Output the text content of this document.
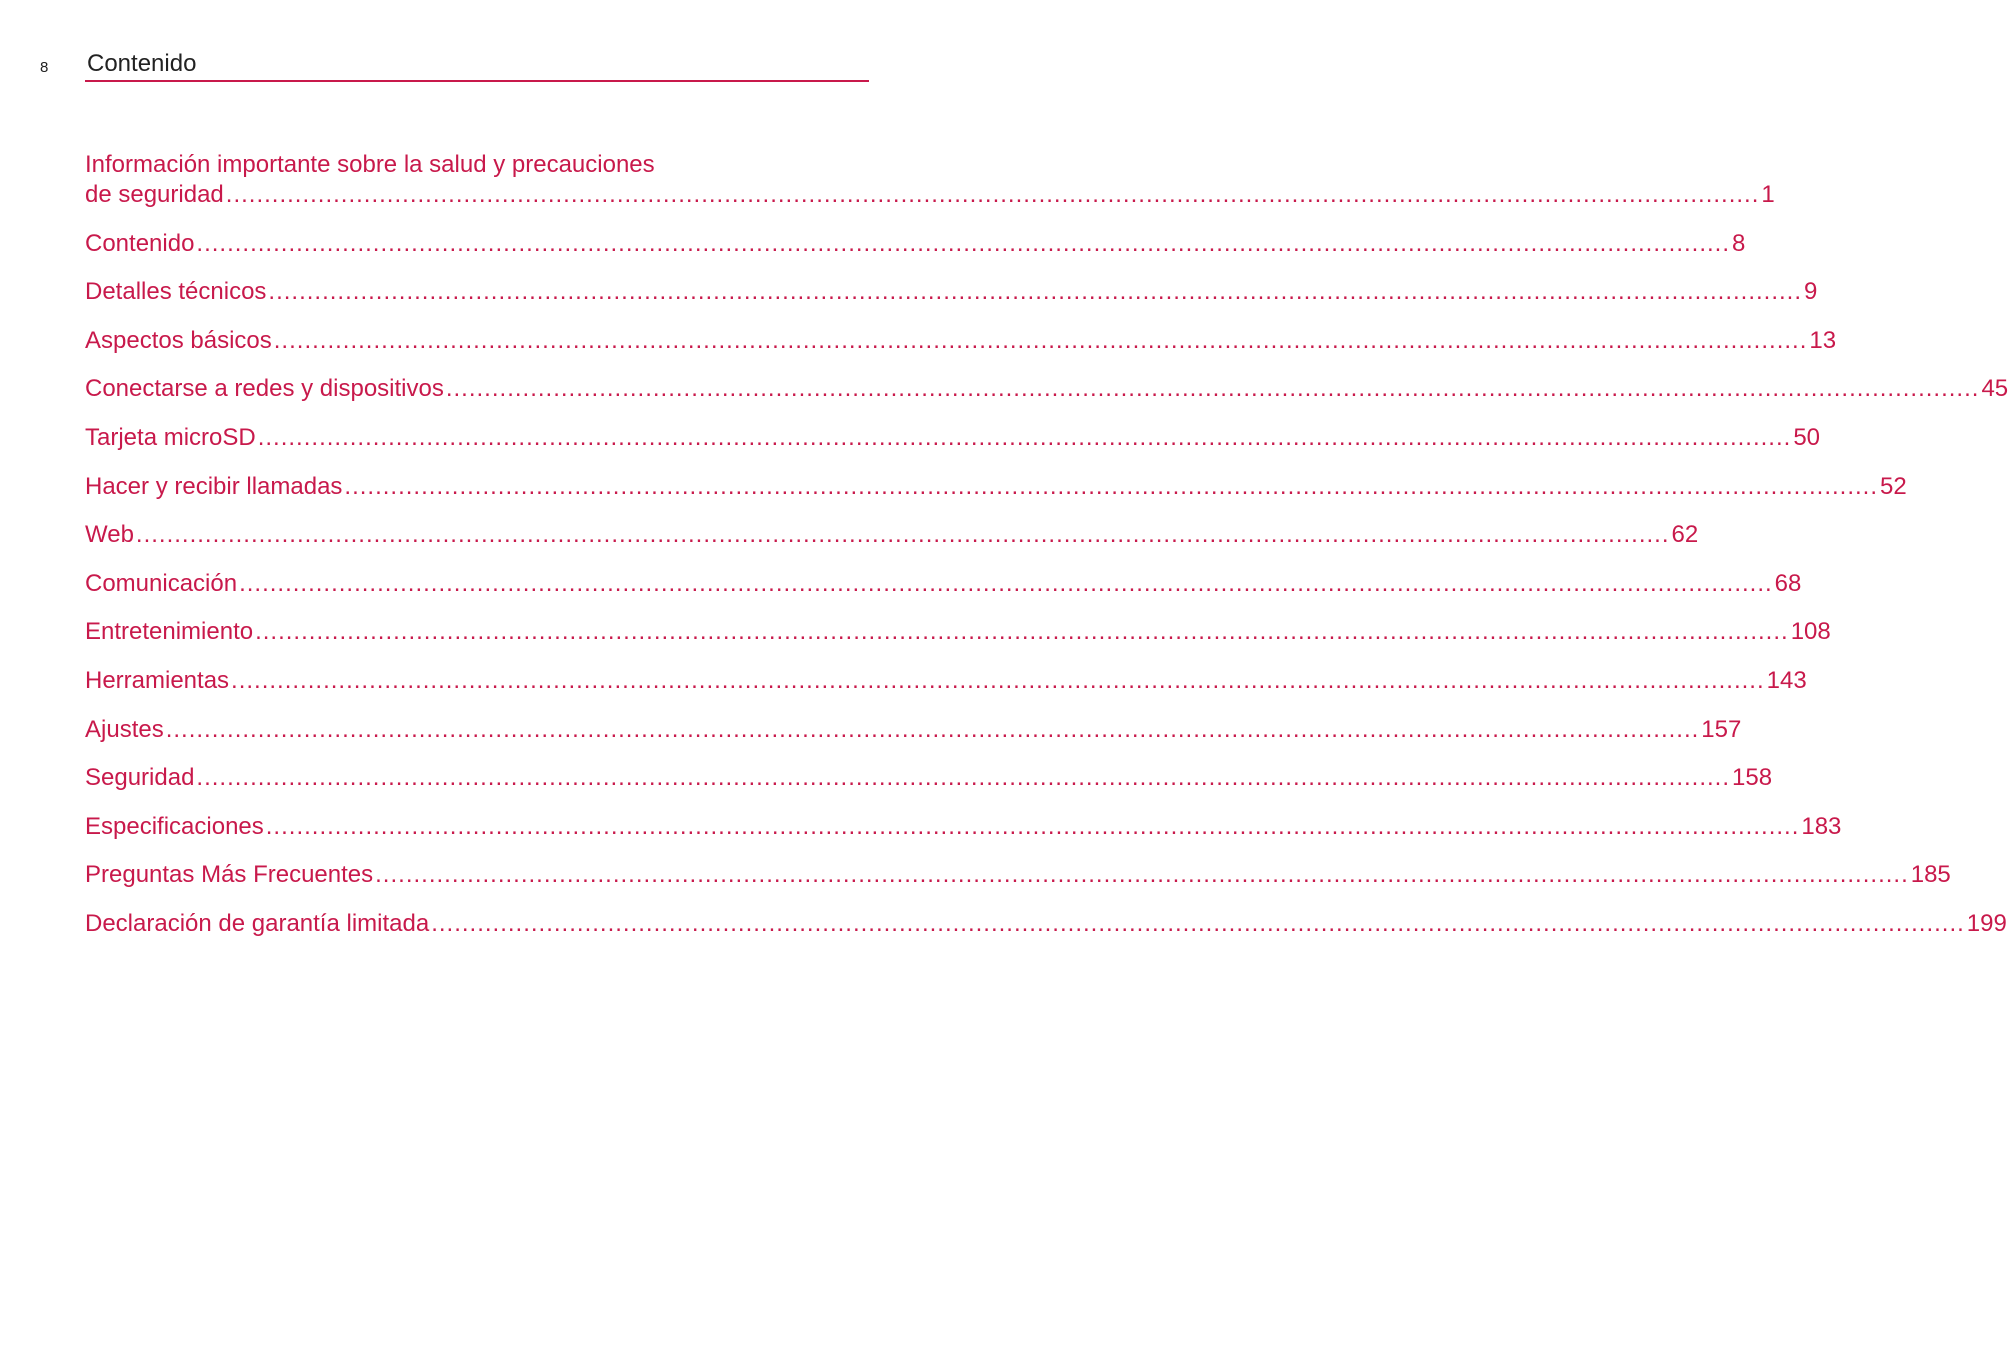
8 Contenido
Información importante sobre la salud y precauciones
de seguridad ........................................................................................................................................................................................................ 1
Contenido ........................................................................................................................................................................................................ 8
Detalles técnicos ........................................................................................................................................................................................................ 9
Aspectos básicos ........................................................................................................................................................................................................ 13
Conectarse a redes y dispositivos ........................................................................................................................................................................................................ 45
Tarjeta microSD ........................................................................................................................................................................................................ 50
Hacer y recibir llamadas ........................................................................................................................................................................................................ 52
Web ........................................................................................................................................................................................................ 62
Comunicación ........................................................................................................................................................................................................ 68
Entretenimiento ........................................................................................................................................................................................................ 108
Herramientas ........................................................................................................................................................................................................ 143
Ajustes ........................................................................................................................................................................................................ 157
Seguridad ........................................................................................................................................................................................................ 158
Especificaciones ........................................................................................................................................................................................................ 183
Preguntas Más Frecuentes ........................................................................................................................................................................................................ 185
Declaración de garantía limitada ........................................................................................................................................................................................................ 199
